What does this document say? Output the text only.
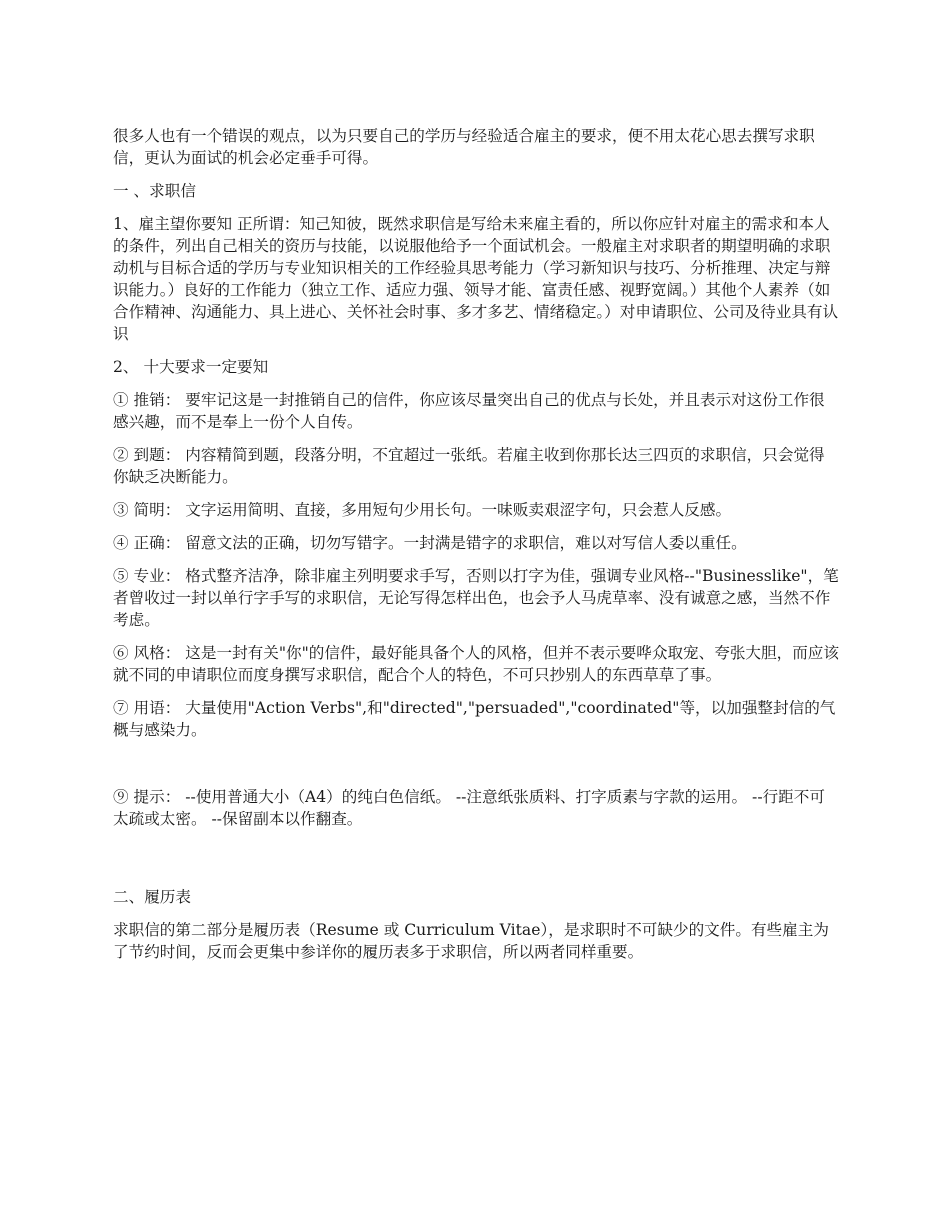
很多人也有一个错误的观点，以为只要自己的学历与经验适合雇主的要求，便不用太花心思去撰写求职信，更认为面试的机会必定垂手可得。

一 、求职信

1、雇主望你要知 正所谓：知己知彼，既然求职信是写给未来雇主看的，所以你应针对雇主的需求和本人的条件，列出自己相关的资历与技能，以说服他给予一个面试机会。一般雇主对求职者的期望明确的求职动机与目标合适的学历与专业知识相关的工作经验具思考能力（学习新知识与技巧、分析推理、决定与辩识能力。）良好的工作能力（独立工作、适应力强、领导才能、富责任感、视野宽阔。）其他个人素养（如合作精神、沟通能力、具上进心、关怀社会时事、多才多艺、情绪稳定。）对申请职位、公司及待业具有认识

2、 十大要求一定要知

① 推销： 要牢记这是一封推销自己的信件，你应该尽量突出自己的优点与长处，并且表示对这份工作很感兴趣，而不是奉上一份个人自传。

② 到题： 内容精简到题，段落分明，不宜超过一张纸。若雇主收到你那长达三四页的求职信，只会觉得你缺乏决断能力。

③ 简明： 文字运用简明、直接，多用短句少用长句。一味贩卖艰涩字句，只会惹人反感。

④ 正确： 留意文法的正确，切勿写错字。一封满是错字的求职信，难以对写信人委以重任。

⑤ 专业： 格式整齐洁净，除非雇主列明要求手写，否则以打字为佳，强调专业风格--"Businesslike"，笔者曾收过一封以单行字手写的求职信，无论写得怎样出色，也会予人马虎草率、没有诚意之感，当然不作考虑。

⑥ 风格： 这是一封有关"你"的信件，最好能具备个人的风格，但并不表示要哗众取宠、夸张大胆，而应该就不同的申请职位而度身撰写求职信，配合个人的特色，不可只抄别人的东西草草了事。

⑦ 用语： 大量使用"Action Verbs",和"directed","persuaded","coordinated"等，以加强整封信的气概与感染力。

⑨ 提示： --使用普通大小（A4）的纯白色信纸。 --注意纸张质料、打字质素与字款的运用。 --行距不可太疏或太密。 --保留副本以作翻查。

二、履历表

求职信的第二部分是履历表（Resume 或 Curriculum Vitae），是求职时不可缺少的文件。有些雇主为了节约时间，反而会更集中参详你的履历表多于求职信，所以两者同样重要。
